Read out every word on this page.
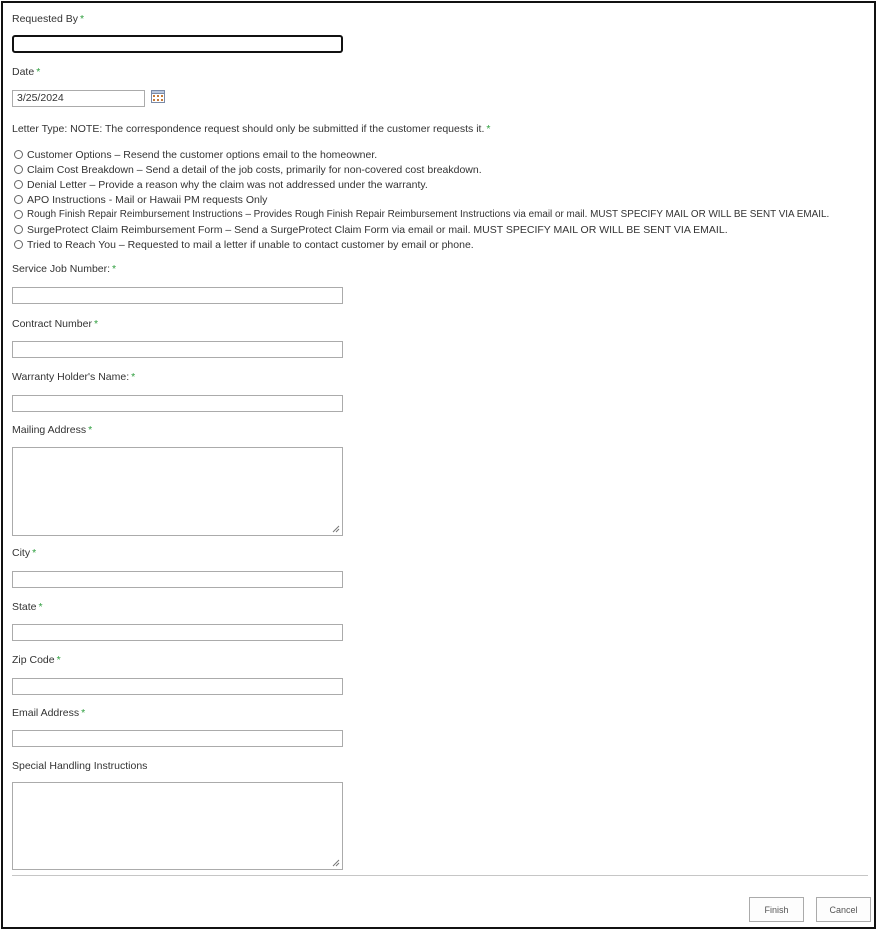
Requested By *
Date *
3/25/2024
Letter Type: NOTE: The correspondence request should only be submitted if the customer requests it. *
Customer Options – Resend the customer options email to the homeowner.
Claim Cost Breakdown – Send a detail of the job costs, primarily for non-covered cost breakdown.
Denial Letter – Provide a reason why the claim was not addressed under the warranty.
APO Instructions - Mail or Hawaii PM requests Only
Rough Finish Repair Reimbursement Instructions – Provides Rough Finish Repair Reimbursement Instructions via email or mail. MUST SPECIFY MAIL OR WILL BE SENT VIA EMAIL.
SurgeProtect Claim Reimbursement Form – Send a SurgeProtect Claim Form via email or mail. MUST SPECIFY MAIL OR WILL BE SENT VIA EMAIL.
Tried to Reach You – Requested to mail a letter if unable to contact customer by email or phone.
Service Job Number: *
Contract Number *
Warranty Holder's Name: *
Mailing Address *
City *
State *
Zip Code *
Email Address *
Special Handling Instructions
Finish	Cancel
